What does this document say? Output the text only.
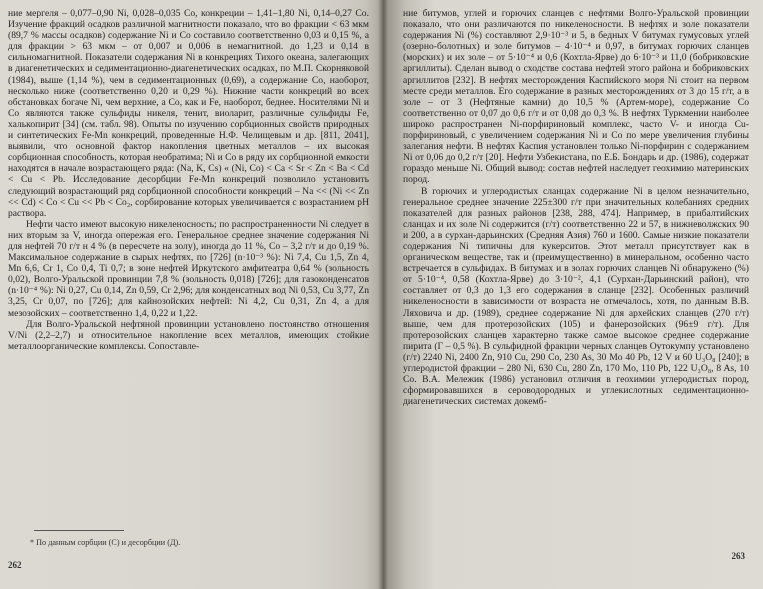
ние мергеля – 0,077–0,90 Ni, 0,028–0,035 Co, конкреции – 1,41–1,80 Ni, 0,14–0,27 Co. Изучение фракций осадков различной магнитности показало, что во фракции < 63 мкм (89,7 % массы осадков) содержание Ni и Co составило соответственно 0,03 и 0,15 %, а для фракции > 63 мкм – от 0,007 и 0,006 в немагнитной. до 1,23 и 0,14 в сильномагнитной. Показатели содержания Ni в конкрециях Тихого океана, залегающих в диагенетических и седиментационно-диагенетических осадках, по М.П. Скорняковой (1984), выше (1,14 %), чем в седиментационных (0,69), а содержание Co, наоборот, несколько ниже (соответственно 0,20 и 0,29 %). Нижние части конкреций во всех обстановках богаче Ni, чем верхние, а Co, как и Fe, наоборот, беднее. Носителями Ni и Co являются также сульфиды никеля, тенит, виоларит, различные сульфиды Fe, халькопирит [34] (см. табл. 98). Опыты по изучению сорбционных свойств природных и синтетических Fe-Mn конкреций, проведенные Н.Ф. Челищевым и др. [811, 2041], выявили, что основной фактор накопления цветных металлов – их высокая сорбционная способность, которая необратима; Ni и Co в ряду их сорбционной емкости находятся в начале возрастающего ряда: (Na, K, Cs) « (Ni, Co) < Ca < Sr < Zn < Ba < Cd < Cu < Pb. Исследование десорбции Fe-Mn конкреций позволило установить следующий возрастающий ряд сорбционной способности конкреций – Na << (Ni << Zn << Cd) < Co < Cu << Pb < Co₂, сорбирование которых увеличивается с возрастанием pH раствора.

Нефти часто имеют высокую никеленосность; по распространенности Ni следует в них вторым за V, иногда опережая его. Генеральное среднее значение содержания Ni для нефтей 70 г/т н 4 % (в пересчете на золу), иногда до 11 %, Co – 3,2 г/т и до 0,19 %. Максимальное содержание в сырых нефтях, по [726] (n·10⁻³ %): Ni 7,4, Cu 1,5, Zn 4, Mn 6,6, Cr 1, Co 0,4, Ti 0,7; в зоне нефтей Иркутского амфитеатра 0,64 % (зольность 0,02), Волго-Уральской провинции 7,8 % (зольность 0,018) [726]; для газоконденсатов (n·10⁻⁴ %): Ni 0,27, Cu 0,14, Zn 0,59, Cr 2,96; для конденсатных вод Ni 0,53, Cu 3,77, Zn 3,25, Cr 0,07, по [726]; для кайнозойских нефтей: Ni 4,2, Cu 0,31, Zn 4, а для мезозойских – соответственно 1,4, 0,22 и 1,22.

Для Волго-Уральской нефтяной провинции установлено постоянство отношения V/Ni (2,2–2,7) и относительное накопление всех металлов, имеющих стойкие металлоорганические комплексы. Сопоставле-

* По данным сорбции (С) и десорбции (Д).
262

ние битумов, углей и горючих сланцев с нефтями Волго-Уральской провинции показало, что они различаются по никеленосности. В нефтях и золе показатели содержания Ni (%) составляют 2,9·10⁻³ и 5, в бедных V битумах гумусовых углей (озерно-болотных) и золе битумов – 4·10⁻⁴ и 0,97, в битумах горючих сланцев (морских) и их золе – от 5·10⁻⁴ и 0,6 (Кохтла-Ярве) до 6·10⁻³ и 11,0 (бобриковские аргиллиты). Сделан вывод о сходстве состава нефтей этого района и бобриковских аргиллитов [232]. В нефтях месторождения Каспийского моря Ni стоит на первом месте среди металлов. Его содержание в разных месторождениях от 3 до 15 г/т, а в золе – от 3 (Нефтяные камни) до 10,5 % (Артем-море), содержание Co соответственно от 0,07 до 0,6 г/т и от 0,08 до 0,3 %. В нефтях Туркмении наиболее широко распространен Ni-порфириновый комплекс, часто V- и иногда Cu- порфириновый, с увеличением содержания Ni и Co по мере увеличения глубины залегания нефти. В нефтях Каспия установлен только Ni-порфирин с содержанием Ni от 0,06 до 0,2 г/т [20]. Нефти Узбекистана, по Е.Б. Бондарь и др. (1986), содержат гораздо меньше Ni. Общий вывод: состав нефтей наследует геохимию материнских пород.

В горючих и углеродистых сланцах содержание Ni в целом незначительно, генеральное среднее значение 225±300 г/т при значительных колебаниях средних показателей для разных районов [238, 288, 474]. Например, в прибалтийских сланцах и их золе Ni содержится (г/т) соответственно 22 и 57, в нижневолжских 90 и 200, а в сурхан-дарьинских (Средняя Азия) 760 и 1600. Самые низкие показатели содержания Ni типичны для кукерситов. Этот металл присутствует как в органическом веществе, так и (преимущественно) в минеральном, особенно часто встречается в сульфидах. В битумах и в золах горючих сланцев Ni обнаружено (%) от 5·10⁻⁴, 0,58 (Кохтла-Ярве) до 3·10⁻², 4,1 (Сурхан-Дарьинский район), что составляет от 0,3 до 1,3 его содержания в сланце [232]. Особенных различий никеленосности в зависимости от возраста не отмечалось, хотя, по данным В.В. Ляховича и др. (1989), среднее содержание Ni для архейских сланцев (270 г/т) выше, чем для протерозойских (105) и фанерозойских (96±9 г/т). Для протерозойских сланцев характерно также самое высокое среднее содержание пирита (Г – 0,5 %). В сульфидной фракции черных сланцев Оутокумпу установлено (г/т) 2240 Ni, 2400 Zn, 910 Cu, 290 Co, 230 As, 30 Mo 40 Pb, 12 V и 60 U₃O₈ [240]; в углеродистой фракции – 280 Ni, 630 Cu, 280 Zn, 170 Mo, 110 Pb, 122 U₃O₈, 8 As, 10 Co. В.А. Мележик (1986) установил отличия в геохимии углеродистых пород, сформировавшихся в сероводородных и углекислотных седиментационно-диагенетических системах докемб-

263
